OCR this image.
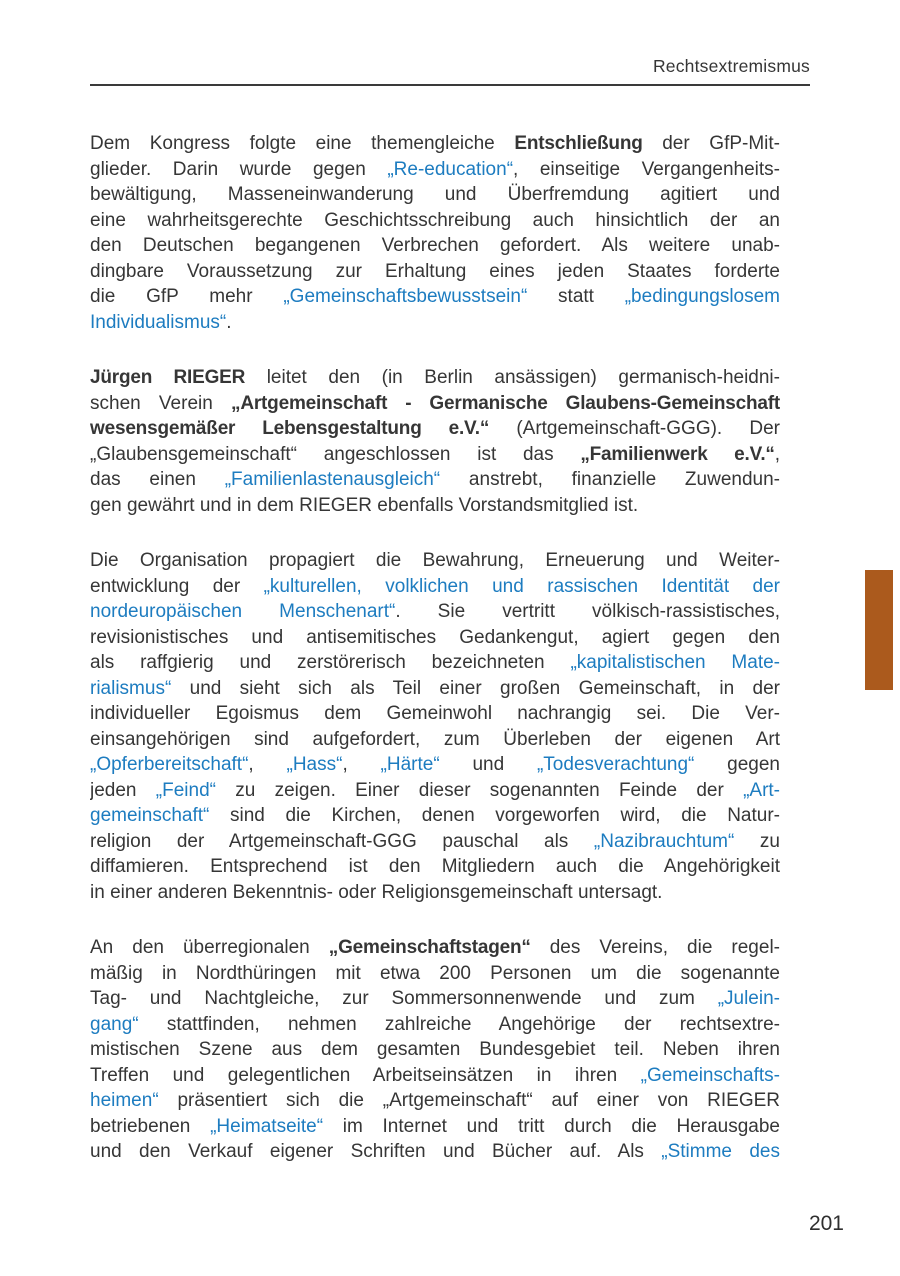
Rechtsextremismus
Dem Kongress folgte eine themengleiche Entschließung der GfP-Mit-
glieder. Darin wurde gegen „Re-education“, einseitige Vergangenheits-
bewältigung, Masseneinwanderung und Überfremdung agitiert und
eine wahrheitsgerechte Geschichtsschreibung auch hinsichtlich der an
den Deutschen begangenen Verbrechen gefordert. Als weitere unab-
dingbare Voraussetzung zur Erhaltung eines jeden Staates forderte
die GfP mehr „Gemeinschaftsbewusstsein“ statt „bedingungslosem
Individualismus“.
Jürgen RIEGER leitet den (in Berlin ansässigen) germanisch-heidni-
schen Verein „Artgemeinschaft - Germanische Glaubens-Gemeinschaft
wesensgemäßer Lebensgestaltung e.V.“ (Artgemeinschaft-GGG). Der
„Glaubensgemeinschaft“ angeschlossen ist das „Familienwerk e.V.“,
das einen „Familienlastenausgleich“ anstrebt, finanzielle Zuwendun-
gen gewährt und in dem RIEGER ebenfalls Vorstandsmitglied ist.
Die Organisation propagiert die Bewahrung, Erneuerung und Weiter-
entwicklung der „kulturellen, volklichen und rassischen Identität der
nordeuropäischen Menschenart“. Sie vertritt völkisch-rassistisches,
revisionistisches und antisemitisches Gedankengut, agiert gegen den
als raffgierig und zerstörerisch bezeichneten „kapitalistischen Mate-
rialismus“ und sieht sich als Teil einer großen Gemeinschaft, in der
individueller Egoismus dem Gemeinwohl nachrangig sei. Die Ver-
einsangehörigen sind aufgefordert, zum Überleben der eigenen Art
„Opferbereitschaft“, „Hass“, „Härte“ und „Todesverachtung“ gegen
jeden „Feind“ zu zeigen. Einer dieser sogenannten Feinde der „Art-
gemeinschaft“ sind die Kirchen, denen vorgeworfen wird, die Natur-
religion der Artgemeinschaft-GGG pauschal als „Nazibrauchtum“ zu
diffamieren. Entsprechend ist den Mitgliedern auch die Angehörigkeit
in einer anderen Bekenntnis- oder Religionsgemeinschaft untersagt.
An den überregionalen „Gemeinschaftstagen“ des Vereins, die regel-
mäßig in Nordthüringen mit etwa 200 Personen um die sogenannte
Tag- und Nachtgleiche, zur Sommersonnenwende und zum „Julein-
gang“ stattfinden, nehmen zahlreiche Angehörige der rechtsextre-
mistischen Szene aus dem gesamten Bundesgebiet teil. Neben ihren
Treffen und gelegentlichen Arbeitseinsätzen in ihren „Gemeinschafts-
heimen“ präsentiert sich die „Artgemeinschaft“ auf einer von RIEGER
betriebenen „Heimatseite“ im Internet und tritt durch die Herausgabe
und den Verkauf eigener Schriften und Bücher auf. Als „Stimme des
201
